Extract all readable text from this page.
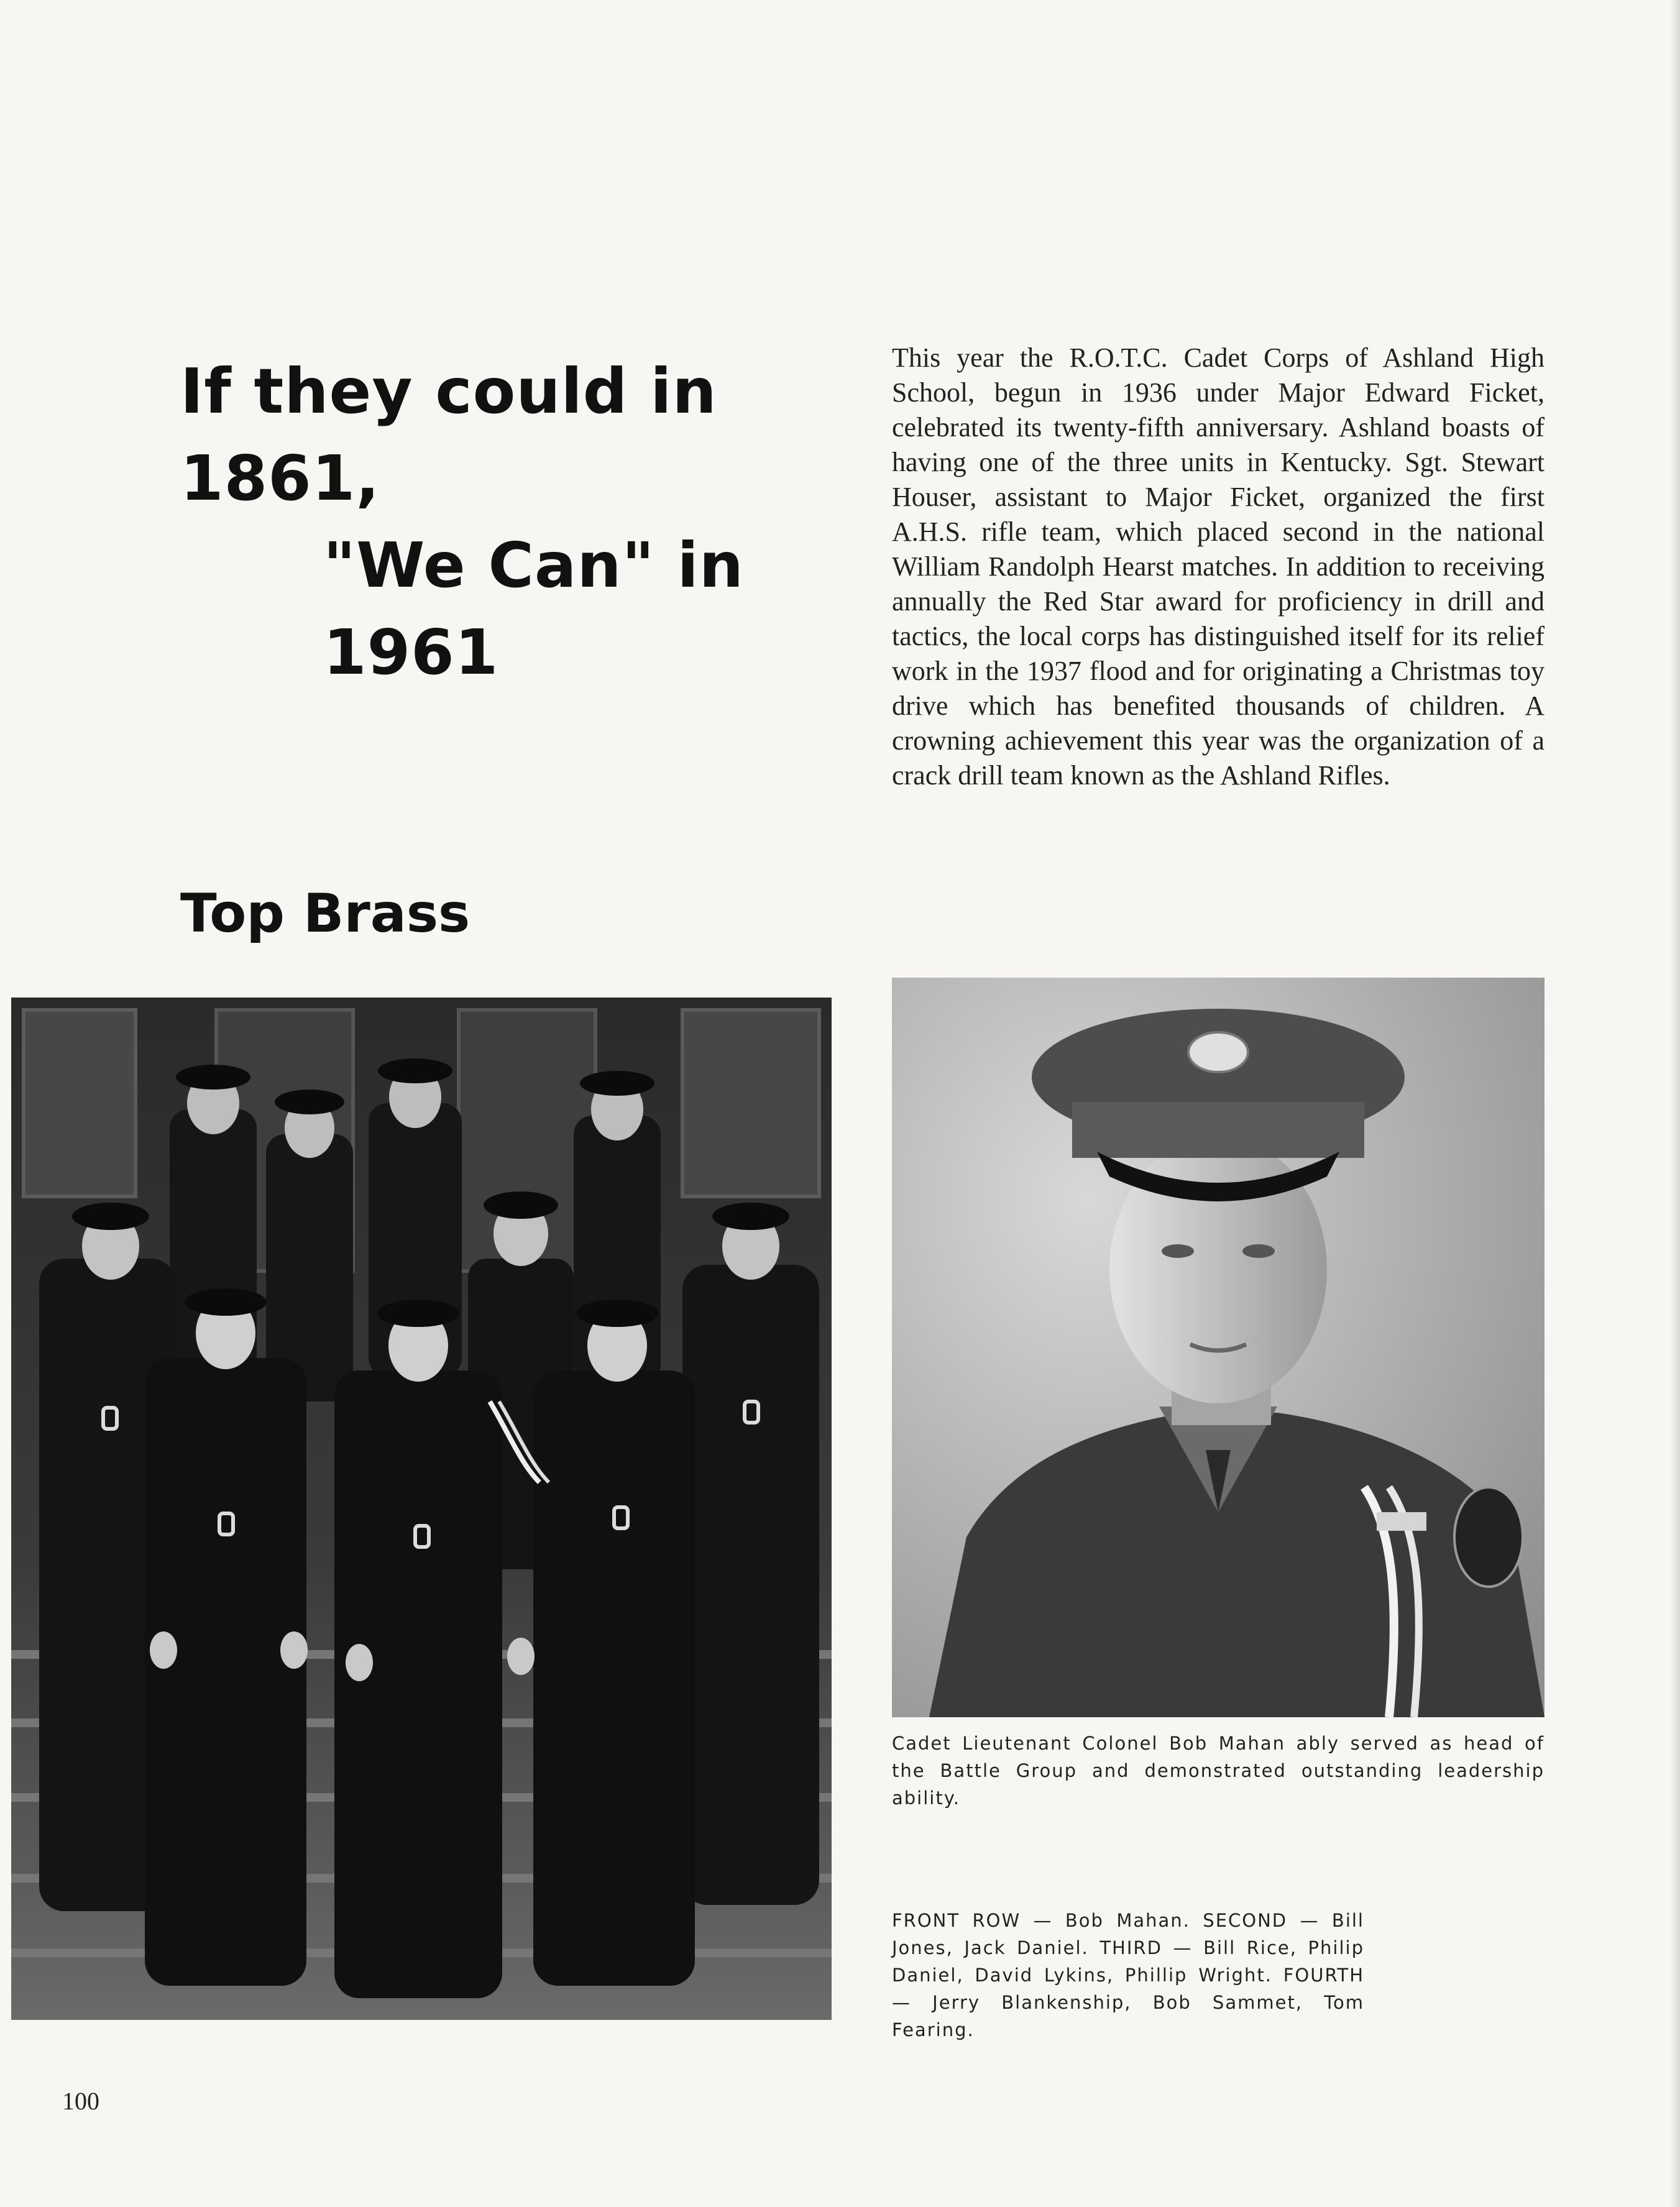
If they could in 1861,
"We Can" in 1961
This year the R.O.T.C. Cadet Corps of Ashland High School, begun in 1936 under Major Edward Ficket, celebrated its twenty-fifth anniversary. Ashland boasts of having one of the three units in Kentucky. Sgt. Stewart Houser, assistant to Major Ficket, organized the first A.H.S. rifle team, which placed second in the national William Randolph Hearst matches. In addition to receiving annually the Red Star award for proficiency in drill and tactics, the local corps has distinguished itself for its relief work in the 1937 flood and for originating a Christmas toy drive which has benefited thousands of children. A crowning achievement this year was the organization of a crack drill team known as the Ashland Rifles.
Top Brass
Cadet Lieutenant Colonel Bob Mahan ably served as head of the Battle Group and demonstrated outstanding leadership ability.
FRONT ROW — Bob Mahan. SECOND — Bill Jones, Jack Daniel. THIRD — Bill Rice, Philip Daniel, David Lykins, Phillip Wright. FOURTH — Jerry Blankenship, Bob Sammet, Tom Fearing.
100
